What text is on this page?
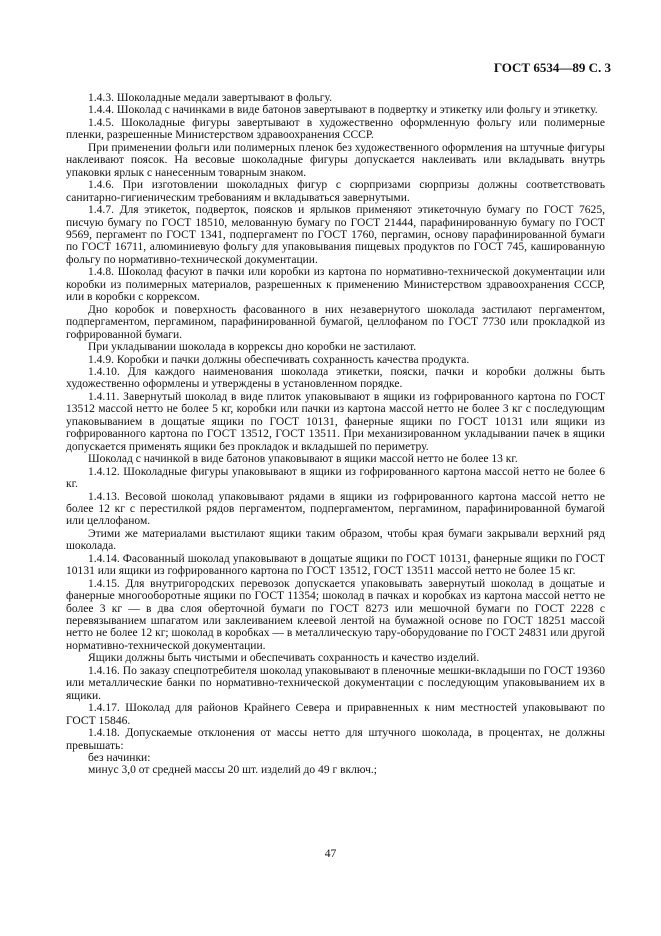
ГОСТ 6534—89 С. 3

1.4.3. Шоколадные медали завертывают в фольгу.

1.4.4. Шоколад с начинками в виде батонов завертывают в подвертку и этикетку или фольгу и этикетку.

1.4.5. Шоколадные фигуры завертывают в художественно оформленную фольгу или полимерные пленки, разрешенные Министерством здравоохранения СССР.

При применении фольги или полимерных пленок без художественного оформления на штучные фигуры наклеивают поясок. На весовые шоколадные фигуры допускается наклеивать или вкладывать внутрь упаковки ярлык с нанесенным товарным знаком.

1.4.6. При изготовлении шоколадных фигур с сюрпризами сюрпризы должны соответствовать санитарно-гигиеническим требованиям и вкладываться завернутыми.

1.4.7. Для этикеток, подверток, поясков и ярлыков применяют этикеточную бумагу по ГОСТ 7625, писчую бумагу по ГОСТ 18510, мелованную бумагу по ГОСТ 21444, парафинированную бумагу по ГОСТ 9569, пергамент по ГОСТ 1341, подпергамент по ГОСТ 1760, пергамин, основу парафинированной бумаги по ГОСТ 16711, алюминиевую фольгу для упаковывания пищевых продуктов по ГОСТ 745, кашированную фольгу по нормативно-технической документации.

1.4.8. Шоколад фасуют в пачки или коробки из картона по нормативно-технической документации или коробки из полимерных материалов, разрешенных к применению Министерством здравоохранения СССР, или в коробки с коррексом.

Дно коробок и поверхность фасованного в них незавернутого шоколада застилают пергаментом, подпергаментом, пергамином, парафинированной бумагой, целлофаном по ГОСТ 7730 или прокладкой из гофрированной бумаги.

При укладывании шоколада в коррексы дно коробки не застилают.

1.4.9. Коробки и пачки должны обеспечивать сохранность качества продукта.

1.4.10. Для каждого наименования шоколада этикетки, пояски, пачки и коробки должны быть художественно оформлены и утверждены в установленном порядке.

1.4.11. Завернутый шоколад в виде плиток упаковывают в ящики из гофрированного картона по ГОСТ 13512 массой нетто не более 5 кг, коробки или пачки из картона массой нетто не более 3 кг с последующим упаковыванием в дощатые ящики по ГОСТ 10131, фанерные ящики по ГОСТ 10131 или ящики из гофрированного картона по ГОСТ 13512, ГОСТ 13511. При механизированном укладывании пачек в ящики допускается применять ящики без прокладок и вкладышей по периметру.

Шоколад с начинкой в виде батонов упаковывают в ящики массой нетто не более 13 кг.

1.4.12. Шоколадные фигуры упаковывают в ящики из гофрированного картона массой нетто не более 6 кг.

1.4.13. Весовой шоколад упаковывают рядами в ящики из гофрированного картона массой нетто не более 12 кг с перестилкой рядов пергаментом, подпергаментом, пергамином, парафинированной бумагой или целлофаном.

Этими же материалами выстилают ящики таким образом, чтобы края бумаги закрывали верхний ряд шоколада.

1.4.14. Фасованный шоколад упаковывают в дощатые ящики по ГОСТ 10131, фанерные ящики по ГОСТ 10131 или ящики из гофрированного картона по ГОСТ 13512, ГОСТ 13511 массой нетто не более 15 кг.

1.4.15. Для внутригородских перевозок допускается упаковывать завернутый шоколад в дощатые и фанерные многооборотные ящики по ГОСТ 11354; шоколад в пачках и коробках из картона массой нетто не более 3 кг — в два слоя оберточной бумаги по ГОСТ 8273 или мешочной бумаги по ГОСТ 2228 с перевязыванием шпагатом или заклеиванием клеевой лентой на бумажной основе по ГОСТ 18251 массой нетто не более 12 кг; шоколад в коробках — в металлическую тару-оборудование по ГОСТ 24831 или другой нормативно-технической документации.

Ящики должны быть чистыми и обеспечивать сохранность и качество изделий.

1.4.16. По заказу спецпотребителя шоколад упаковывают в пленочные мешки-вкладыши по ГОСТ 19360 или металлические банки по нормативно-технической документации с последующим упаковыванием их в ящики.

1.4.17. Шоколад для районов Крайнего Севера и приравненных к ним местностей упаковывают по ГОСТ 15846.

1.4.18. Допускаемые отклонения от массы нетто для штучного шоколада, в процентах, не должны превышать:

без начинки:

минус 3,0 от средней массы 20 шт. изделий до 49 г включ.;

47
